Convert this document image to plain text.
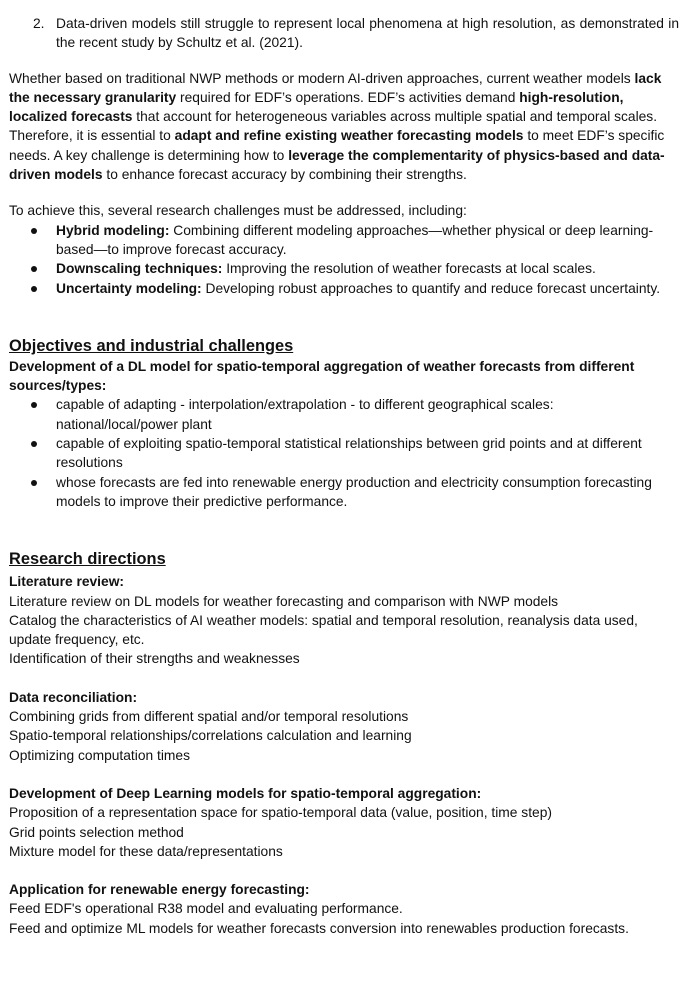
2. Data-driven models still struggle to represent local phenomena at high resolution, as demonstrated in the recent study by Schultz et al. (2021).

Whether based on traditional NWP methods or modern AI-driven approaches, current weather models lack the necessary granularity required for EDF’s operations. EDF’s activities demand high-resolution, localized forecasts that account for heterogeneous variables across multiple spatial and temporal scales. Therefore, it is essential to adapt and refine existing weather forecasting models to meet EDF’s specific needs. A key challenge is determining how to leverage the complementarity of physics-based and data-driven models to enhance forecast accuracy by combining their strengths.

To achieve this, several research challenges must be addressed, including:

Hybrid modeling: Combining different modeling approaches—whether physical or deep learning-based—to improve forecast accuracy.
Downscaling techniques: Improving the resolution of weather forecasts at local scales.
Uncertainty modeling: Developing robust approaches to quantify and reduce forecast uncertainty.
Objectives and industrial challenges

Development of a DL model for spatio-temporal aggregation of weather forecasts from different sources/types:

capable of adapting - interpolation/extrapolation - to different geographical scales: national/local/power plant
capable of exploiting spatio-temporal statistical relationships between grid points and at different resolutions
whose forecasts are fed into renewable energy production and electricity consumption forecasting models to improve their predictive performance.
Research directions

Literature review:

Literature review on DL models for weather forecasting and comparison with NWP models

Catalog the characteristics of AI weather models: spatial and temporal resolution, reanalysis data used, update frequency, etc.

Identification of their strengths and weaknesses

Data reconciliation:

Combining grids from different spatial and/or temporal resolutions

Spatio-temporal relationships/correlations calculation and learning

Optimizing computation times

Development of Deep Learning models for spatio-temporal aggregation:

Proposition of a representation space for spatio-temporal data (value, position, time step)

Grid points selection method

Mixture model for these data/representations

Application for renewable energy forecasting:

Feed EDF's operational R38 model and evaluating performance.

Feed and optimize ML models for weather forecasts conversion into renewables production forecasts.
